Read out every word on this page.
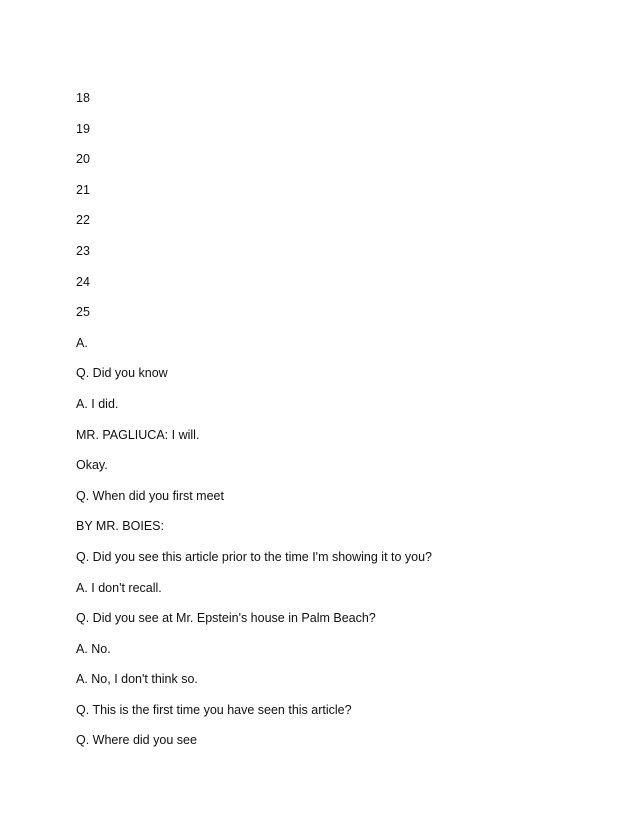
18
19
20
21
22
23
24
25
A.
Q. Did you know
A. I did.
MR. PAGLIUCA: I will.
Okay.
Q. When did you first meet
BY MR. BOIES:
Q. Did you see this article prior to the time I'm showing it to you?
A. I don't recall.
Q. Did you see at Mr. Epstein's house in Palm Beach?
A. No.
A. No, I don't think so.
Q. This is the first time you have seen this article?
Q. Where did you see
